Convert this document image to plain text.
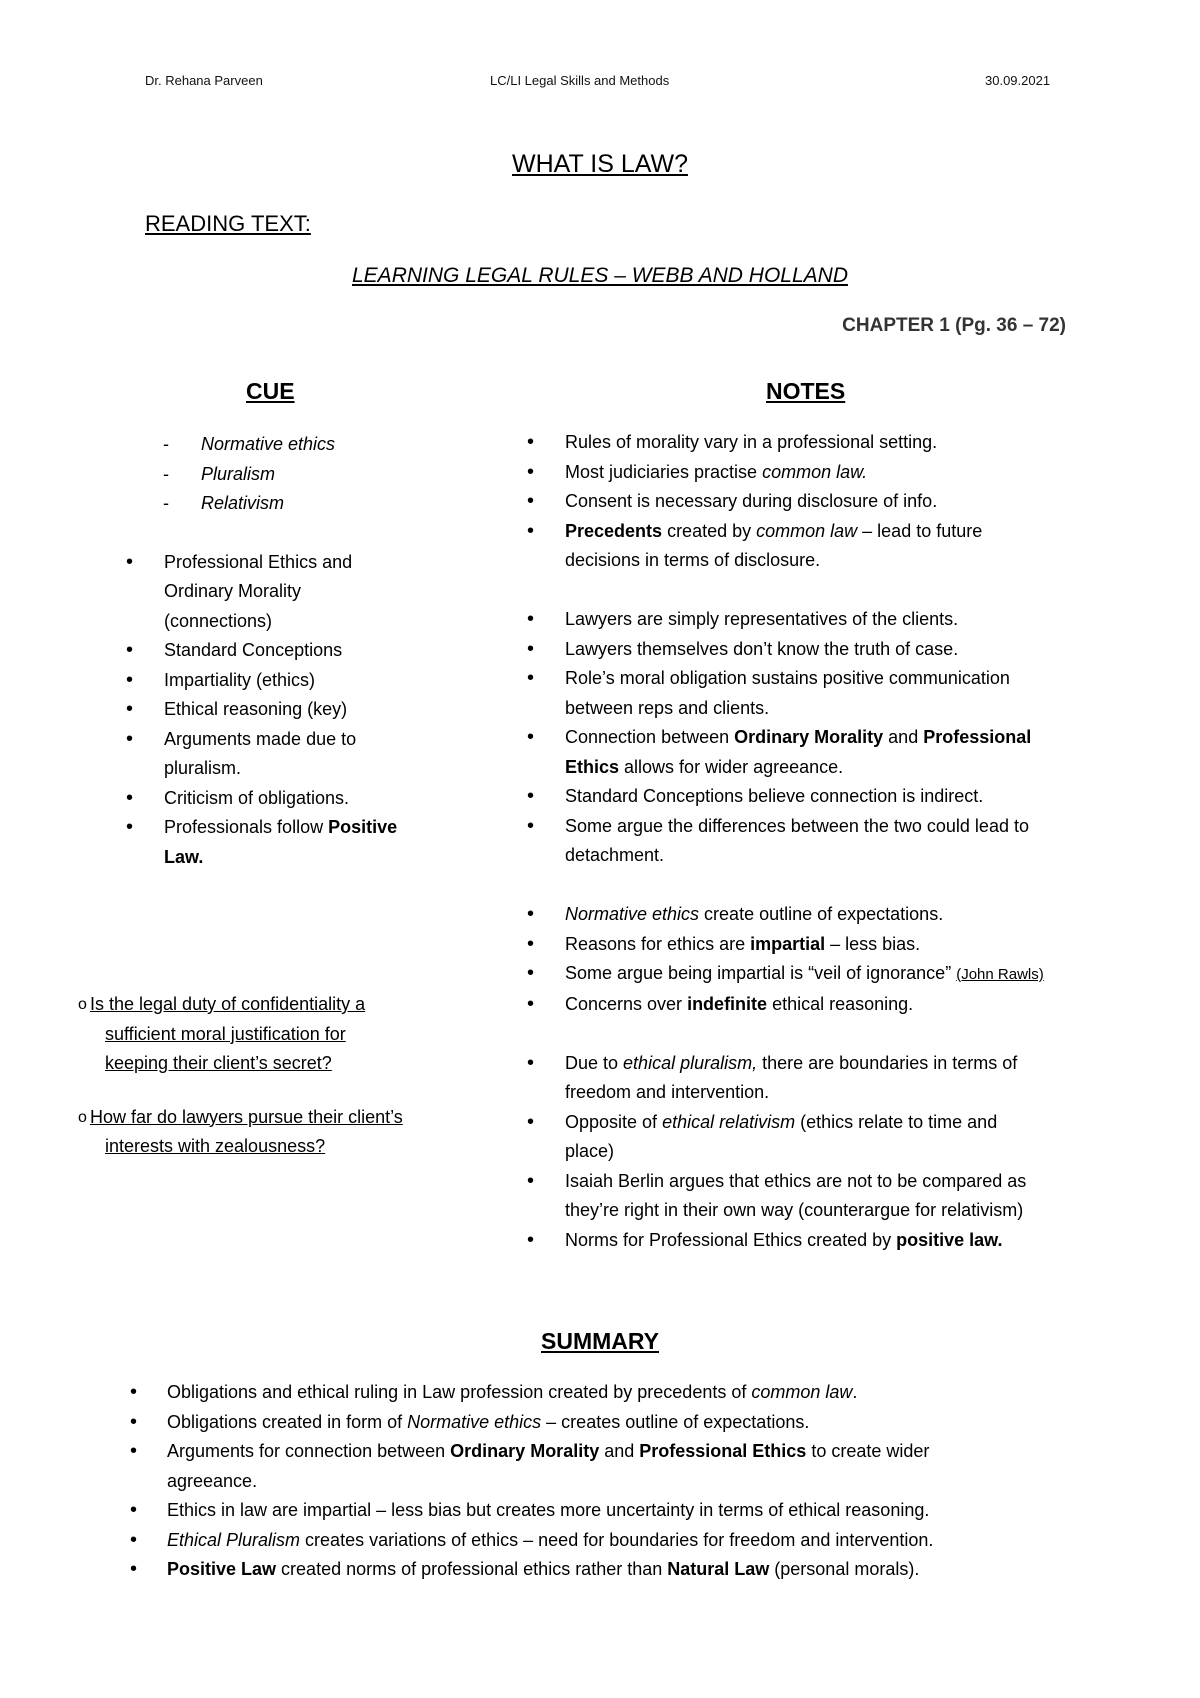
Dr. Rehana Parveen	LC/LI Legal Skills and Methods	30.09.2021
WHAT IS LAW?
READING TEXT:
LEARNING LEGAL RULES – WEBB AND HOLLAND
CHAPTER 1 (Pg. 36 – 72)
CUE	NOTES
- Normative ethics
- Pluralism
- Relativism
• Professional Ethics and
Ordinary Morality
(connections)
• Standard Conceptions
• Impartiality (ethics)
• Ethical reasoning (key)
• Arguments made due to
pluralism.
• Criticism of obligations.
• Professionals follow Positive
Law.
o Is the legal duty of confidentiality a
sufficient moral justification for
keeping their client’s secret?
o How far do lawyers pursue their client’s
interests with zealousness?
• Rules of morality vary in a professional setting.
• Most judiciaries practise common law.
• Consent is necessary during disclosure of info.
• Precedents created by common law – lead to future
decisions in terms of disclosure.
• Lawyers are simply representatives of the clients.
• Lawyers themselves don’t know the truth of case.
• Role’s moral obligation sustains positive communication
between reps and clients.
• Connection between Ordinary Morality and Professional
Ethics allows for wider agreeance.
• Standard Conceptions believe connection is indirect.
• Some argue the differences between the two could lead to
detachment.
• Normative ethics create outline of expectations.
• Reasons for ethics are impartial – less bias.
• Some argue being impartial is “veil of ignorance” (John Rawls)
• Concerns over indefinite ethical reasoning.
• Due to ethical pluralism, there are boundaries in terms of
freedom and intervention.
• Opposite of ethical relativism (ethics relate to time and
place)
• Isaiah Berlin argues that ethics are not to be compared as
they’re right in their own way (counterargue for relativism)
• Norms for Professional Ethics created by positive law.
SUMMARY
• Obligations and ethical ruling in Law profession created by precedents of common law.
• Obligations created in form of Normative ethics – creates outline of expectations.
• Arguments for connection between Ordinary Morality and Professional Ethics to create wider
agreeance.
• Ethics in law are impartial – less bias but creates more uncertainty in terms of ethical reasoning.
• Ethical Pluralism creates variations of ethics – need for boundaries for freedom and intervention.
• Positive Law created norms of professional ethics rather than Natural Law (personal morals).
